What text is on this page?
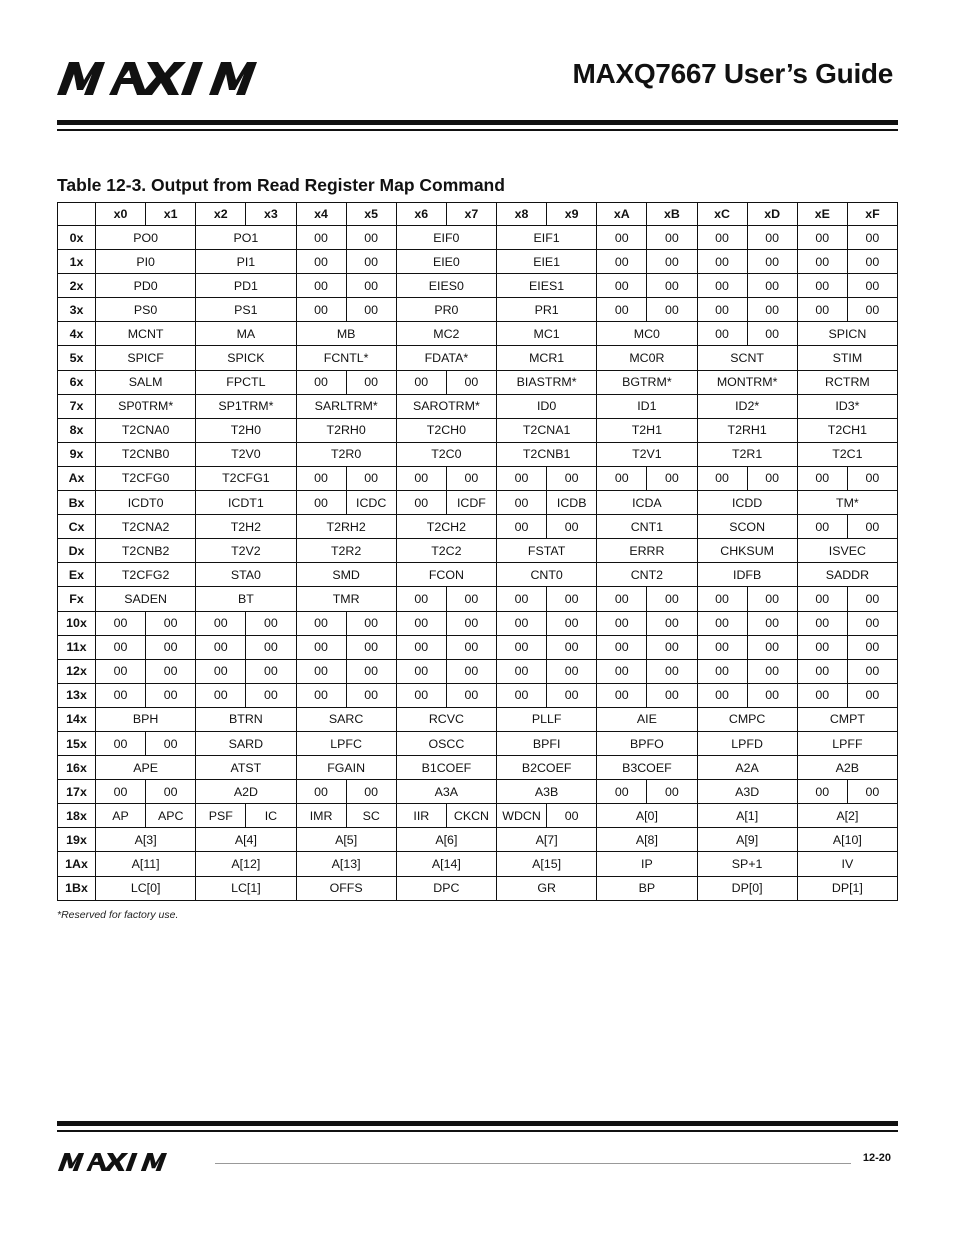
MAXQ7667 User’s Guide
Table 12-3. Output from Read Register Map Command
	x0	x1	x2	x3	x4	x5	x6	x7	x8	x9	xA	xB	xC	xD	xE	xF
0x	PO0		PO1		00	00	EIF0		EIF1		00	00	00	00	00	00
1x	PI0		PI1		00	00	EIE0		EIE1		00	00	00	00	00	00
2x	PD0		PD1		00	00	EIES0		EIES1		00	00	00	00	00	00
3x	PS0		PS1		00	00	PR0		PR1		00	00	00	00	00	00
4x	MCNT		MA		MB		MC2		MC1		MC0		00	00	SPICN	
5x	SPICF		SPICK		FCNTL*		FDATA*		MCR1		MC0R		SCNT		STIM	
6x	SALM		FPCTL		00	00	00	00	BIASTRM*		BGTRM*		MONTRM*		RCTRM	
7x	SP0TRM*		SP1TRM*		SARLTRM*		SAROTRM*		ID0		ID1		ID2*		ID3*	
8x	T2CNA0		T2H0		T2RH0		T2CH0		T2CNA1		T2H1		T2RH1		T2CH1	
9x	T2CNB0		T2V0		T2R0		T2C0		T2CNB1		T2V1		T2R1		T2C1	
Ax	T2CFG0		T2CFG1		00	00	00	00	00	00	00	00	00	00	00	00
Bx	ICDT0		ICDT1		00	ICDC	00	ICDF	00	ICDB	ICDA		ICDD		TM*	
Cx	T2CNA2		T2H2		T2RH2		T2CH2		00	00	CNT1		SCON		00	00
Dx	T2CNB2		T2V2		T2R2		T2C2		FSTAT		ERRR		CHKSUM		ISVEC	
Ex	T2CFG2		STA0		SMD		FCON		CNT0		CNT2		IDFB		SADDR	
Fx	SADEN		BT		TMR		00	00	00	00	00	00	00	00	00	00
10x	00	00	00	00	00	00	00	00	00	00	00	00	00	00	00	00
11x	00	00	00	00	00	00	00	00	00	00	00	00	00	00	00	00
12x	00	00	00	00	00	00	00	00	00	00	00	00	00	00	00	00
13x	00	00	00	00	00	00	00	00	00	00	00	00	00	00	00	00
14x	BPH		BTRN		SARC		RCVC		PLLF		AIE		CMPC		CMPT	
15x	00	00	SARD		LPFC		OSCC		BPFI		BPFO		LPFD		LPFF	
16x	APE		ATST		FGAIN		B1COEF		B2COEF		B3COEF		A2A		A2B	
17x	00	00	A2D		00	00	A3A		A3B		00	00	A3D		00	00
18x	AP	APC	PSF	IC	IMR	SC	IIR	CKCN	WDCN	00	A[0]		A[1]		A[2]	
19x	A[3]		A[4]		A[5]		A[6]		A[7]		A[8]		A[9]		A[10]	
1Ax	A[11]		A[12]		A[13]		A[14]		A[15]		IP		SP+1		IV	
1Bx	LC[0]		LC[1]		OFFS		DPC		GR		BP		DP[0]		DP[1]	
*Reserved for factory use.
12-20
